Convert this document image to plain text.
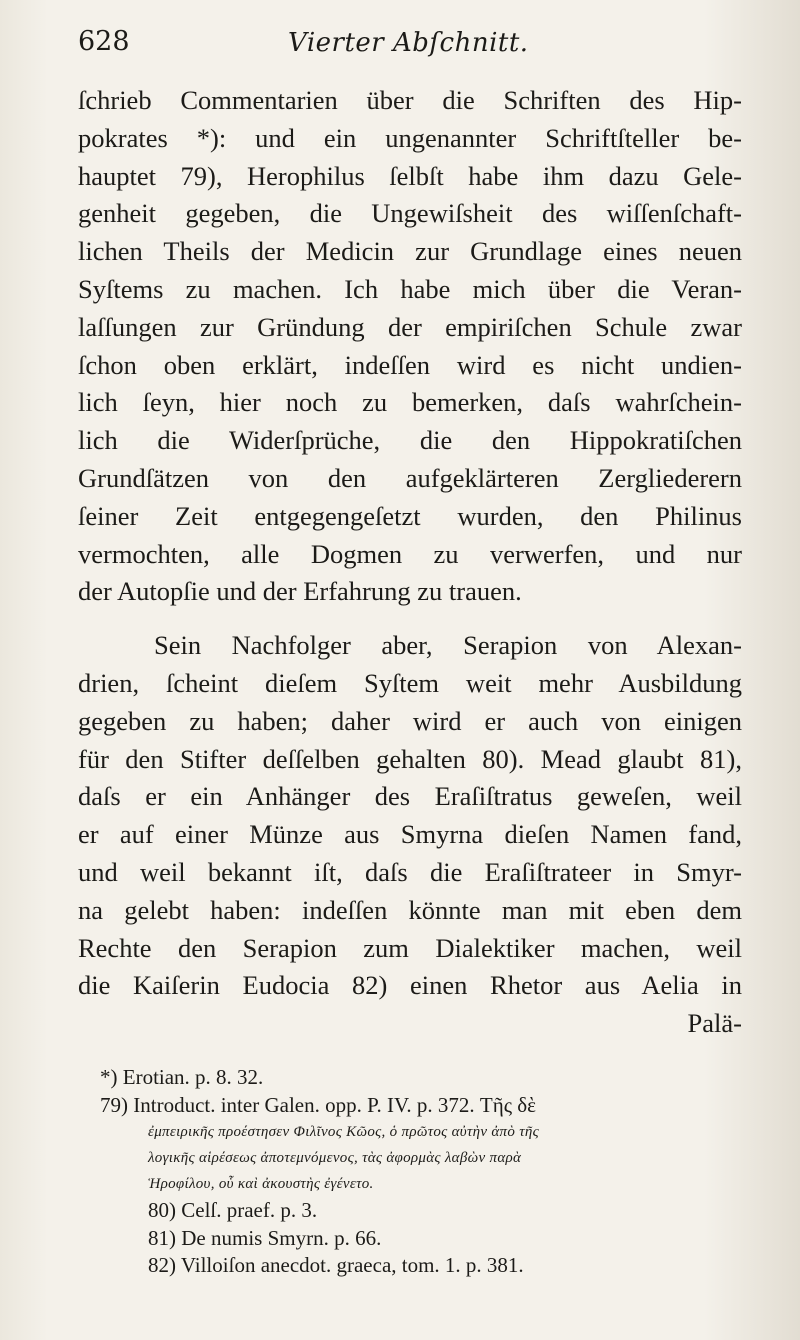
628	Vierter Abſchnitt.
ſchrieb Commentarien über die Schriften des Hip-
pokrates *): und ein ungenannter Schriftſteller be-
hauptet 79), Herophilus ſelbſt habe ihm dazu Gele-
genheit gegeben, die Ungewiſsheit des wiſſenſchaft-
lichen Theils der Medicin zur Grundlage eines neuen
Syſtems zu machen. Ich habe mich über die Veran-
laſſungen zur Gründung der empiriſchen Schule zwar
ſchon oben erklärt, indeſſen wird es nicht undien-
lich ſeyn, hier noch zu bemerken, daſs wahrſchein-
lich die Widerſprüche, die den Hippokratiſchen
Grundſätzen von den aufgeklärteren Zergliederern
ſeiner Zeit entgegengeſetzt wurden, den Philinus
vermochten, alle Dogmen zu verwerfen, und nur
der Autopſie und der Erfahrung zu trauen.
Sein Nachfolger aber, Serapion von Alexan-
drien, ſcheint dieſem Syſtem weit mehr Ausbildung
gegeben zu haben; daher wird er auch von einigen
für den Stifter deſſelben gehalten 80). Mead glaubt 81),
daſs er ein Anhänger des Eraſiſtratus geweſen, weil
er auf einer Münze aus Smyrna dieſen Namen fand,
und weil bekannt iſt, daſs die Eraſiſtrateer in Smyr-
na gelebt haben: indeſſen könnte man mit eben dem
Rechte den Serapion zum Dialektiker machen, weil
die Kaiſerin Eudocia 82) einen Rhetor aus Aelia in
Palä-
*) Erotian. p. 8. 32.
79) Introduct. inter Galen. opp. P. IV. p. 372. Τῆς δὲ
ἐμπειρικῆς προέστησεν Φιλῖνος Κῶος, ὁ πρῶτος αὐτὴν ἀπὸ τῆς
λογικῆς αἱρέσεως ἀποτεμνόμενος, τὰς ἀφορμὰς λαβὼν παρὰ
Ἡροφίλου, οὗ καὶ ἀκουστὴς ἐγένετο.
80) Celſ. praef. p. 3.
81) De numis Smyrn. p. 66.
82) Villoiſon anecdot. graeca, tom. 1. p. 381.
